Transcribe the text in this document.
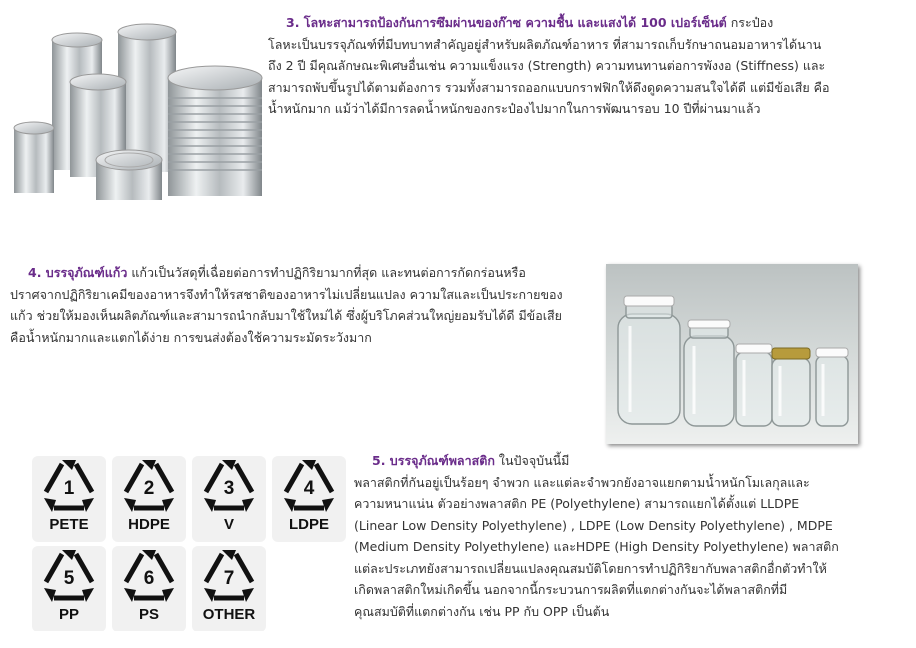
3. โลหะสามารถป้องกันการซึมผ่านของก๊าซ ความชื้น และแสงได้ 100 เปอร์เซ็นต์ กระป๋อง
โลหะเป็นบรรจุภัณฑ์ที่มีบทบาทสำคัญอยู่สำหรับผลิตภัณฑ์อาหาร ที่สามารถเก็บรักษาถนอมอาหารได้นาน
ถึง 2 ปี มีคุณลักษณะพิเศษอื่นเช่น ความแข็งแรง (Strength) ความทนทานต่อการพังงอ (Stiffness) และ
สามารถพับขึ้นรูปได้ตามต้องการ รวมทั้งสามารถออกแบบกราฟฟิกให้ดึงดูดความสนใจได้ดี แต่มีข้อเสีย คือ
น้ำหนักมาก แม้ว่าได้มีการลดน้ำหนักของกระป๋องไปมากในการพัฒนารอบ 10 ปีที่ผ่านมาแล้ว
4. บรรจุภัณฑ์แก้ว แก้วเป็นวัสดุที่เฉื่อยต่อการทำปฏิกิริยามากที่สุด และทนต่อการกัดกร่อนหรือ
ปราศจากปฏิกิริยาเคมีของอาหารจึงทำให้รสชาติของอาหารไม่เปลี่ยนแปลง ความใสและเป็นประกายของ
แก้ว ช่วยให้มองเห็นผลิตภัณฑ์และสามารถนำกลับมาใช้ใหม่ได้ ซึ่งผู้บริโภคส่วนใหญ่ยอมรับได้ดี มีข้อเสีย
คือน้ำหนักมากและแตกได้ง่าย การขนส่งต้องใช้ความระมัดระวังมาก
1
PETE
2
HDPE
3
V
4
LDPE
5
PP
6
PS
7
OTHER
5. บรรจุภัณฑ์พลาสติก ในปัจจุบันนี้มี
พลาสติกที่กันอยู่เป็นร้อยๆ จำพวก และแต่ละจำพวกยังอาจแยกตามน้ำหนักโมเลกุลและ
ความหนาแน่น ตัวอย่างพลาสติก PE (Polyethylene) สามารถแยกได้ตั้งแต่ LLDPE
(Linear Low Density Polyethylene) , LDPE (Low Density Polyethylene) , MDPE
(Medium Density Polyethylene) และHDPE (High Density Polyethylene) พลาสติก
แต่ละประเภทยังสามารถเปลี่ยนแปลงคุณสมบัติโดยการทำปฏิกิริยากับพลาสติกอื่กตัวทำให้
เกิดพลาสติกใหม่เกิดขึ้น นอกจากนี้กระบวนการผลิตที่แตกต่างกันจะได้พลาสติกที่มี
คุณสมบัติที่แตกต่างกัน เช่น PP กับ OPP เป็นต้น
